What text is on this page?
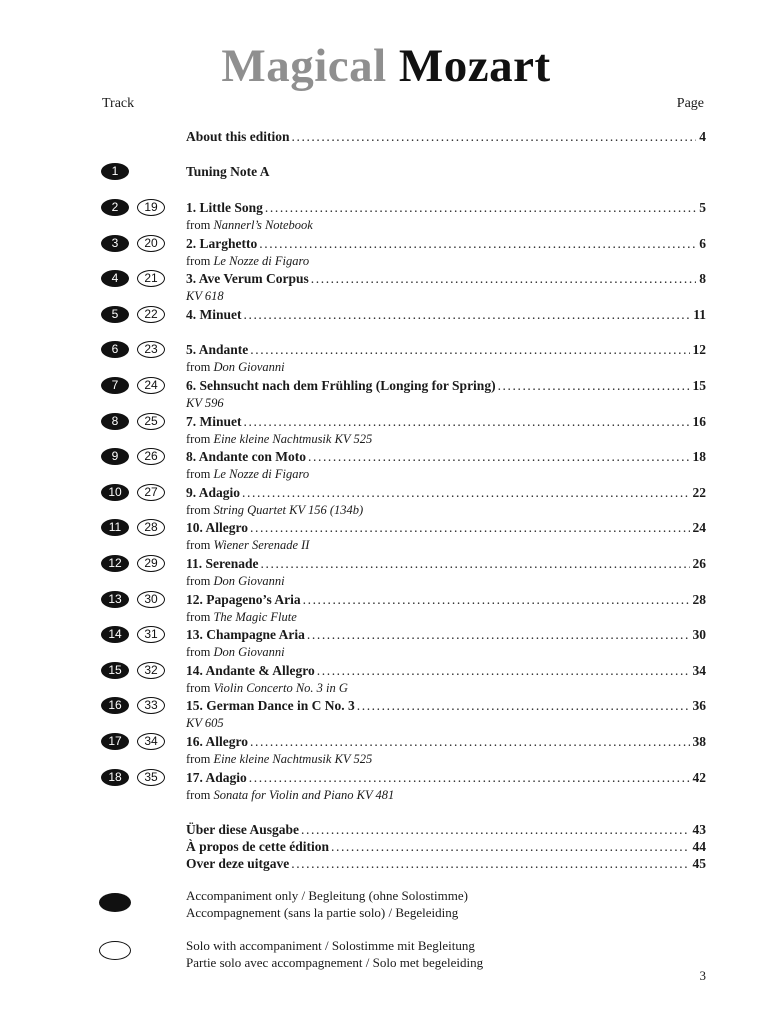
Magical Mozart
Track	Page
About this edition .....	4
1	Tuning Note A
2	19	1. Little Song .....	5
from Nannerl’s Notebook
3	20	2. Larghetto .....	6
from Le Nozze di Figaro
4	21	3. Ave Verum Corpus .....	8
KV 618
5	22	4. Minuet .....	11
6	23	5. Andante .....	12
from Don Giovanni
7	24	6. Sehnsucht nach dem Frühling (Longing for Spring) .....	15
KV 596
8	25	7. Minuet .....	16
from Eine kleine Nachtmusik KV 525
9	26	8. Andante con Moto .....	18
from Le Nozze di Figaro
10	27	9. Adagio .....	22
from String Quartet KV 156 (134b)
11	28	10. Allegro .....	24
from Wiener Serenade II
12	29	11. Serenade .....	26
from Don Giovanni
13	30	12. Papageno’s Aria .....	28
from The Magic Flute
14	31	13. Champagne Aria .....	30
from Don Giovanni
15	32	14. Andante & Allegro .....	34
from Violin Concerto No. 3 in G
16	33	15. German Dance in C No. 3 .....	36
KV 605
17	34	16. Allegro .....	38
from Eine kleine Nachtmusik KV 525
18	35	17. Adagio .....	42
from Sonata for Violin and Piano KV 481
Über diese Ausgabe .....	43
À propos de cette édition .....	44
Over deze uitgave .....	45
Accompaniment only / Begleitung (ohne Solostimme)
Accompagnement (sans la partie solo) / Begeleiding
Solo with accompaniment / Solostimme mit Begleitung
Partie solo avec accompagnement / Solo met begeleiding
3
